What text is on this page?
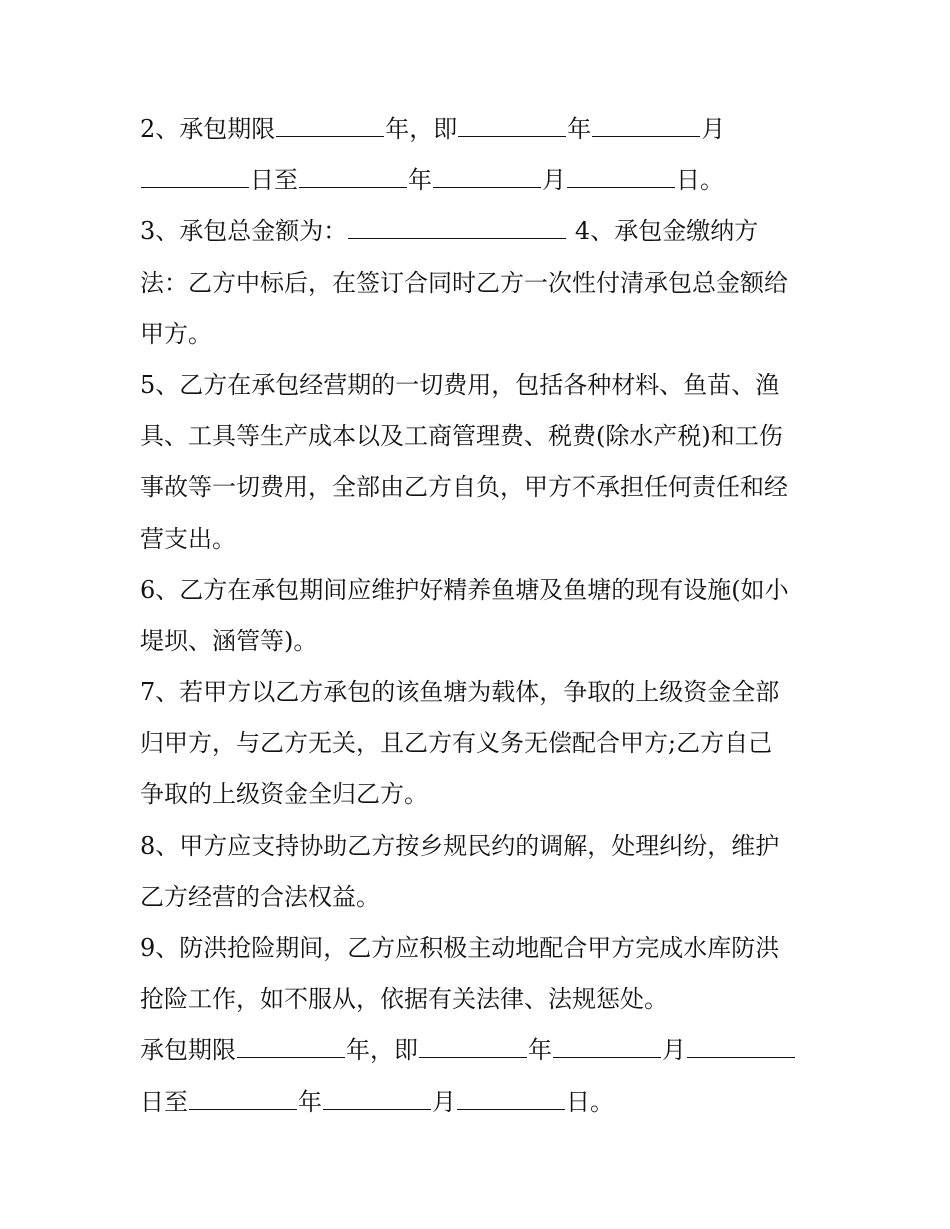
2、承包期限	年，即	年	月
日至	年	月	日。
3、承包总金额为：	4、承包金缴纳方
法：乙方中标后，在签订合同时乙方一次性付清承包总金额给
甲方。
5、乙方在承包经营期的一切费用，包括各种材料、鱼苗、渔
具、工具等生产成本以及工商管理费、税费(除水产税)和工伤
事故等一切费用，全部由乙方自负，甲方不承担任何责任和经
营支出。
6、乙方在承包期间应维护好精养鱼塘及鱼塘的现有设施(如小
堤坝、涵管等)。
7、若甲方以乙方承包的该鱼塘为载体，争取的上级资金全部
归甲方，与乙方无关，且乙方有义务无偿配合甲方;乙方自己
争取的上级资金全归乙方。
8、甲方应支持协助乙方按乡规民约的调解，处理纠纷，维护
乙方经营的合法权益。
9、防洪抢险期间，乙方应积极主动地配合甲方完成水库防洪
抢险工作，如不服从，依据有关法律、法规惩处。
承包期限	年，即	年	月
日至	年	月	日。
